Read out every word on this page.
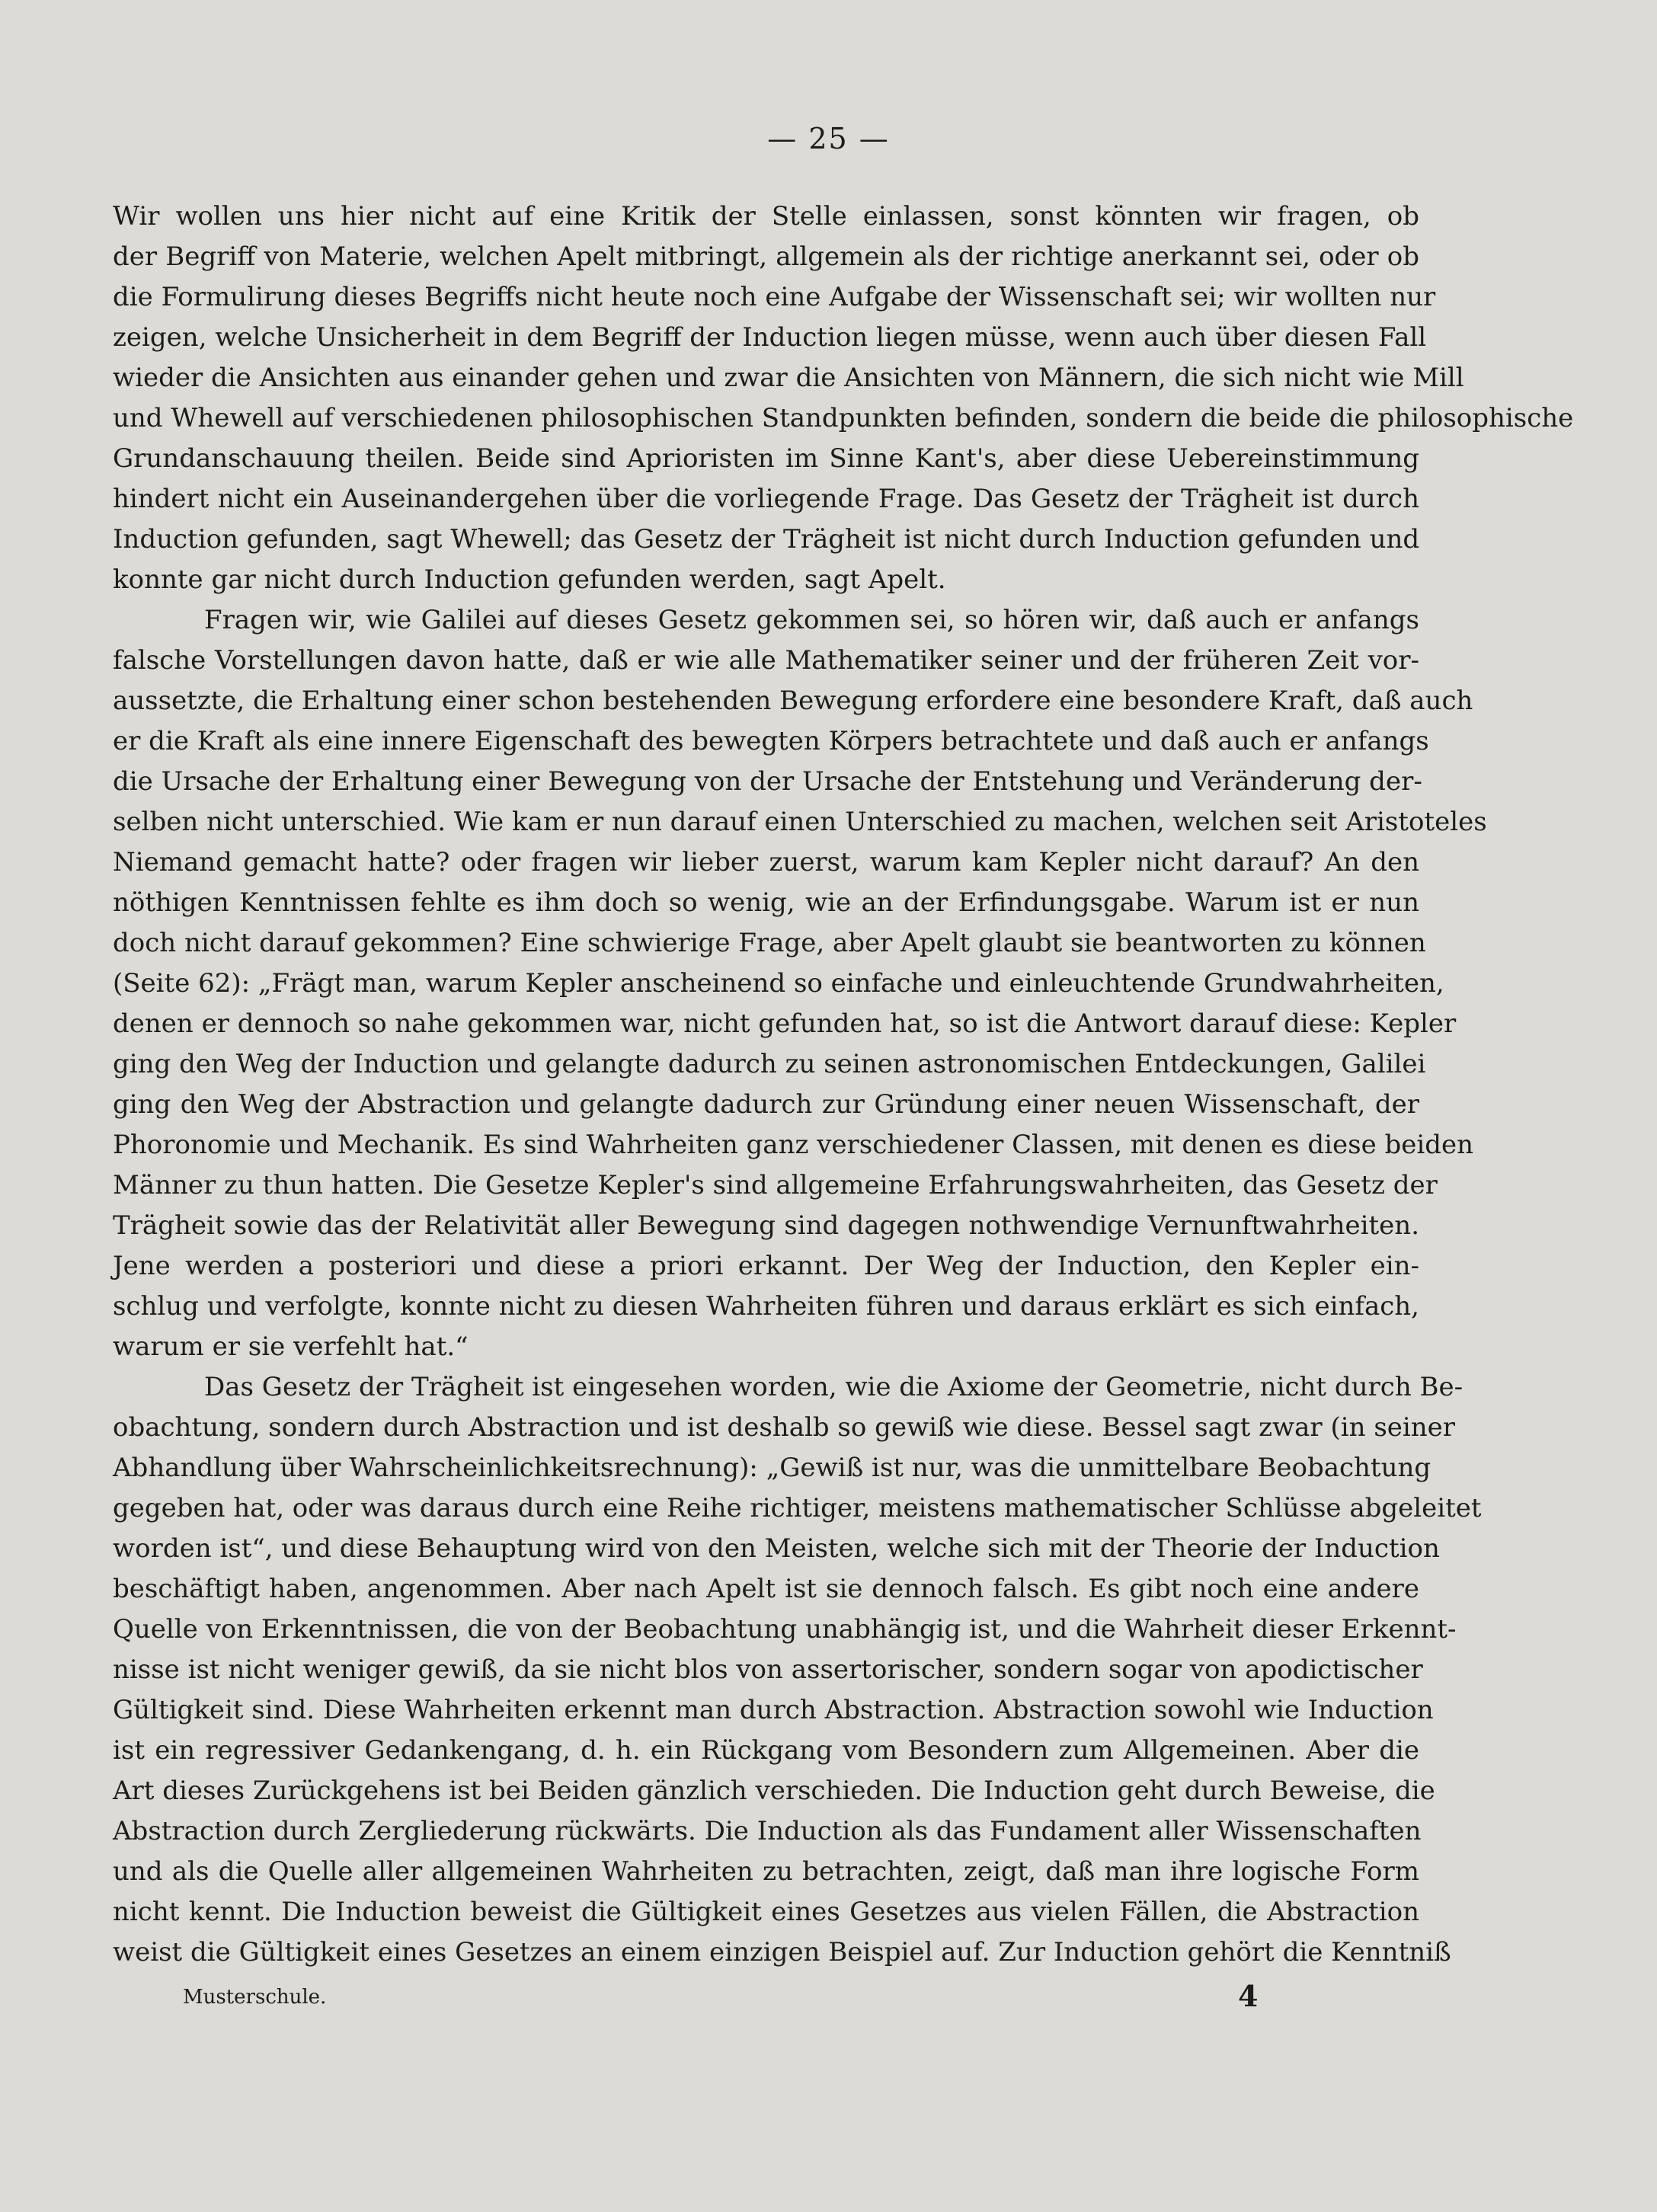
— 25 —
Wir wollen uns hier nicht auf eine Kritik der Stelle einlassen, sonst könnten wir fragen, ob
der Begriff von Materie, welchen Apelt mitbringt, allgemein als der richtige anerkannt sei, oder ob
die Formulirung dieses Begriffs nicht heute noch eine Aufgabe der Wissenschaft sei; wir wollten nur
zeigen, welche Unsicherheit in dem Begriff der Induction liegen müsse, wenn auch über diesen Fall
wieder die Ansichten aus einander gehen und zwar die Ansichten von Männern, die sich nicht wie Mill
und Whewell auf verschiedenen philosophischen Standpunkten befinden, sondern die beide die philosophische
Grundanschauung theilen. Beide sind Aprioristen im Sinne Kant's, aber diese Uebereinstimmung
hindert nicht ein Auseinandergehen über die vorliegende Frage. Das Gesetz der Trägheit ist durch
Induction gefunden, sagt Whewell; das Gesetz der Trägheit ist nicht durch Induction gefunden und
konnte gar nicht durch Induction gefunden werden, sagt Apelt.
Fragen wir, wie Galilei auf dieses Gesetz gekommen sei, so hören wir, daß auch er anfangs
falsche Vorstellungen davon hatte, daß er wie alle Mathematiker seiner und der früheren Zeit vor-
aussetzte, die Erhaltung einer schon bestehenden Bewegung erfordere eine besondere Kraft, daß auch
er die Kraft als eine innere Eigenschaft des bewegten Körpers betrachtete und daß auch er anfangs
die Ursache der Erhaltung einer Bewegung von der Ursache der Entstehung und Veränderung der-
selben nicht unterschied. Wie kam er nun darauf einen Unterschied zu machen, welchen seit Aristoteles
Niemand gemacht hatte? oder fragen wir lieber zuerst, warum kam Kepler nicht darauf? An den
nöthigen Kenntnissen fehlte es ihm doch so wenig, wie an der Erfindungsgabe. Warum ist er nun
doch nicht darauf gekommen? Eine schwierige Frage, aber Apelt glaubt sie beantworten zu können
(Seite 62): „Frägt man, warum Kepler anscheinend so einfache und einleuchtende Grundwahrheiten,
denen er dennoch so nahe gekommen war, nicht gefunden hat, so ist die Antwort darauf diese: Kepler
ging den Weg der Induction und gelangte dadurch zu seinen astronomischen Entdeckungen, Galilei
ging den Weg der Abstraction und gelangte dadurch zur Gründung einer neuen Wissenschaft, der
Phoronomie und Mechanik. Es sind Wahrheiten ganz verschiedener Classen, mit denen es diese beiden
Männer zu thun hatten. Die Gesetze Kepler's sind allgemeine Erfahrungswahrheiten, das Gesetz der
Trägheit sowie das der Relativität aller Bewegung sind dagegen nothwendige Vernunftwahrheiten.
Jene werden a posteriori und diese a priori erkannt. Der Weg der Induction, den Kepler ein-
schlug und verfolgte, konnte nicht zu diesen Wahrheiten führen und daraus erklärt es sich einfach,
warum er sie verfehlt hat.“
Das Gesetz der Trägheit ist eingesehen worden, wie die Axiome der Geometrie, nicht durch Be-
obachtung, sondern durch Abstraction und ist deshalb so gewiß wie diese. Bessel sagt zwar (in seiner
Abhandlung über Wahrscheinlichkeitsrechnung): „Gewiß ist nur, was die unmittelbare Beobachtung
gegeben hat, oder was daraus durch eine Reihe richtiger, meistens mathematischer Schlüsse abgeleitet
worden ist“, und diese Behauptung wird von den Meisten, welche sich mit der Theorie der Induction
beschäftigt haben, angenommen. Aber nach Apelt ist sie dennoch falsch. Es gibt noch eine andere
Quelle von Erkenntnissen, die von der Beobachtung unabhängig ist, und die Wahrheit dieser Erkennt-
nisse ist nicht weniger gewiß, da sie nicht blos von assertorischer, sondern sogar von apodictischer
Gültigkeit sind. Diese Wahrheiten erkennt man durch Abstraction. Abstraction sowohl wie Induction
ist ein regressiver Gedankengang, d. h. ein Rückgang vom Besondern zum Allgemeinen. Aber die
Art dieses Zurückgehens ist bei Beiden gänzlich verschieden. Die Induction geht durch Beweise, die
Abstraction durch Zergliederung rückwärts. Die Induction als das Fundament aller Wissenschaften
und als die Quelle aller allgemeinen Wahrheiten zu betrachten, zeigt, daß man ihre logische Form
nicht kennt. Die Induction beweist die Gültigkeit eines Gesetzes aus vielen Fällen, die Abstraction
weist die Gültigkeit eines Gesetzes an einem einzigen Beispiel auf. Zur Induction gehört die Kenntniß
Musterschule.	4
